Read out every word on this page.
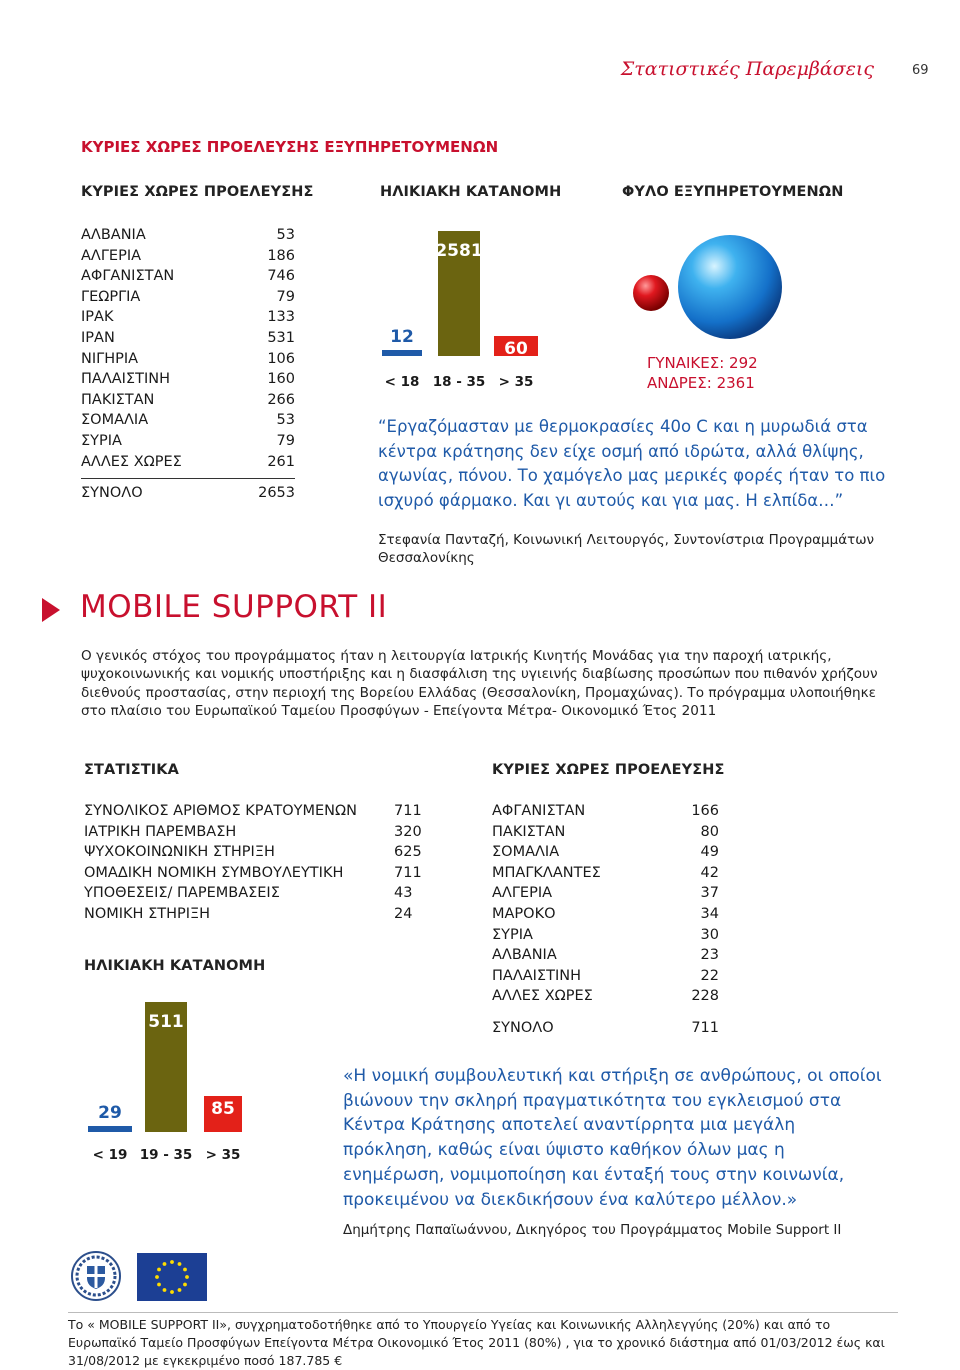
Στατιστικές Παρεμβάσεις	69
ΚΥΡΙΕΣ ΧΩΡΕΣ ΠΡΟΕΛΕΥΣΗΣ ΕΞΥΠΗΡΕΤΟΥΜΕΝΩΝ
ΚΥΡΙΕΣ ΧΩΡΕΣ ΠΡΟΕΛΕΥΣΗΣ	ΗΛΙΚΙΑΚΗ ΚΑΤΑΝΟΜΗ	ΦΥΛΟ ΕΞΥΠΗΡΕΤΟΥΜΕΝΩΝ
ΑΛΒΑΝΙΑ	53
ΑΛΓΕΡΙΑ	186
ΑΦΓΑΝΙΣΤΑΝ	746
ΓΕΩΡΓΙΑ	79
ΙΡΑΚ	133
ΙΡΑΝ	531
ΝΙΓΗΡΙΑ	106
ΠΑΛΑΙΣΤΙΝΗ	160
ΠΑΚΙΣΤΑΝ	266
ΣΟΜΑΛΙΑ	53
ΣΥΡΙΑ	79
ΑΛΛΕΣ ΧΩΡΕΣ	261
ΣΥΝΟΛΟ	2653
12
< 18
2581
18 - 35
60
> 35
ΓΥΝΑΙΚΕΣ: 292
ΑΝΔΡΕΣ: 2361
“Εργαζόμασταν με θερμοκρασίες 40ο C και η μυρωδιά στα κέντρα κράτησης δεν είχε οσμή από ιδρώτα, αλλά θλίψης, αγωνίας, πόνου. Το χαμόγελο μας μερικές φορές ήταν το πιο ισχυρό φάρμακο. Και γι αυτούς και για μας. Η ελπίδα…”
Στεφανία Πανταζή, Κοινωνική Λειτουργός, Συντονίστρια Προγραμμάτων Θεσσαλονίκης
MOBILE SUPPORT II
Ο γενικός στόχος του προγράμματος ήταν η λειτουργία Ιατρικής Κινητής Μονάδας για την παροχή ιατρικής, ψυχοκοινωνικής και νομικής υποστήριξης και η διασφάλιση της υγιεινής διαβίωσης προσώπων που πιθανόν χρήζουν διεθνούς προστασίας, στην περιοχή της Βορείου Ελλάδας (Θεσσαλονίκη, Προμαχώνας). Το πρόγραμμα υλοποιήθηκε στο πλαίσιο του Ευρωπαϊκού Ταμείου Προσφύγων - Επείγοντα Μέτρα- Οικονομικό Έτος 2011
ΣΤΑΤΙΣΤΙΚΑ
ΣΥΝΟΛΙΚΟΣ ΑΡΙΘΜΟΣ ΚΡΑΤΟΥΜΕΝΩΝ	711
ΙΑΤΡΙΚΗ ΠΑΡΕΜΒΑΣΗ	320
ΨΥΧΟΚΟΙΝΩΝΙΚΗ ΣΤΗΡΙΞΗ	625
ΟΜΑΔΙΚΗ ΝΟΜΙΚΗ ΣΥΜΒΟΥΛΕΥΤΙΚΗ	711
ΥΠΟΘΕΣΕΙΣ/ ΠΑΡΕΜΒΑΣΕΙΣ	43
ΝΟΜΙΚΗ ΣΤΗΡΙΞΗ	24
ΗΛΙΚΙΑΚΗ ΚΑΤΑΝΟΜΗ
29
< 19
511
19 - 35
85
> 35
ΚΥΡΙΕΣ ΧΩΡΕΣ ΠΡΟΕΛΕΥΣΗΣ
ΑΦΓΑΝΙΣΤΑΝ	166
ΠΑΚΙΣΤΑΝ	80
ΣΟΜΑΛΙΑ	49
ΜΠΑΓΚΛΑΝΤΕΣ	42
ΑΛΓΕΡΙΑ	37
ΜΑΡΟΚΟ	34
ΣΥΡΙΑ	30
ΑΛΒΑΝΙΑ	23
ΠΑΛΑΙΣΤΙΝΗ	22
ΑΛΛΕΣ ΧΩΡΕΣ	228
ΣΥΝΟΛΟ	711
«Η νομική συμβουλευτική και στήριξη σε ανθρώπους, οι οποίοι βιώνουν την σκληρή πραγματικότητα του εγκλεισμού στα Κέντρα Κράτησης αποτελεί αναντίρρητα μια μεγάλη πρόκληση, καθώς είναι ύψιστο καθήκον όλων μας η ενημέρωση, νομιμοποίηση και ένταξή τους στην κοινωνία, προκειμένου να διεκδικήσουν ένα καλύτερο μέλλον.»
Δημήτρης Παπαϊωάννου, Δικηγόρος του Προγράμματος Mobile Support II
Το « MOBILE SUPPORT II», συγχρηματοδοτήθηκε από το Υπουργείο Υγείας και Κοινωνικής Αλληλεγγύης (20%) και από το Ευρωπαϊκό Ταμείο Προσφύγων Επείγοντα Μέτρα Οικονομικό Έτος 2011 (80%) , για το χρονικό διάστημα από 01/03/2012 έως και 31/08/2012 με εγκεκριμένο ποσό 187.785 €
